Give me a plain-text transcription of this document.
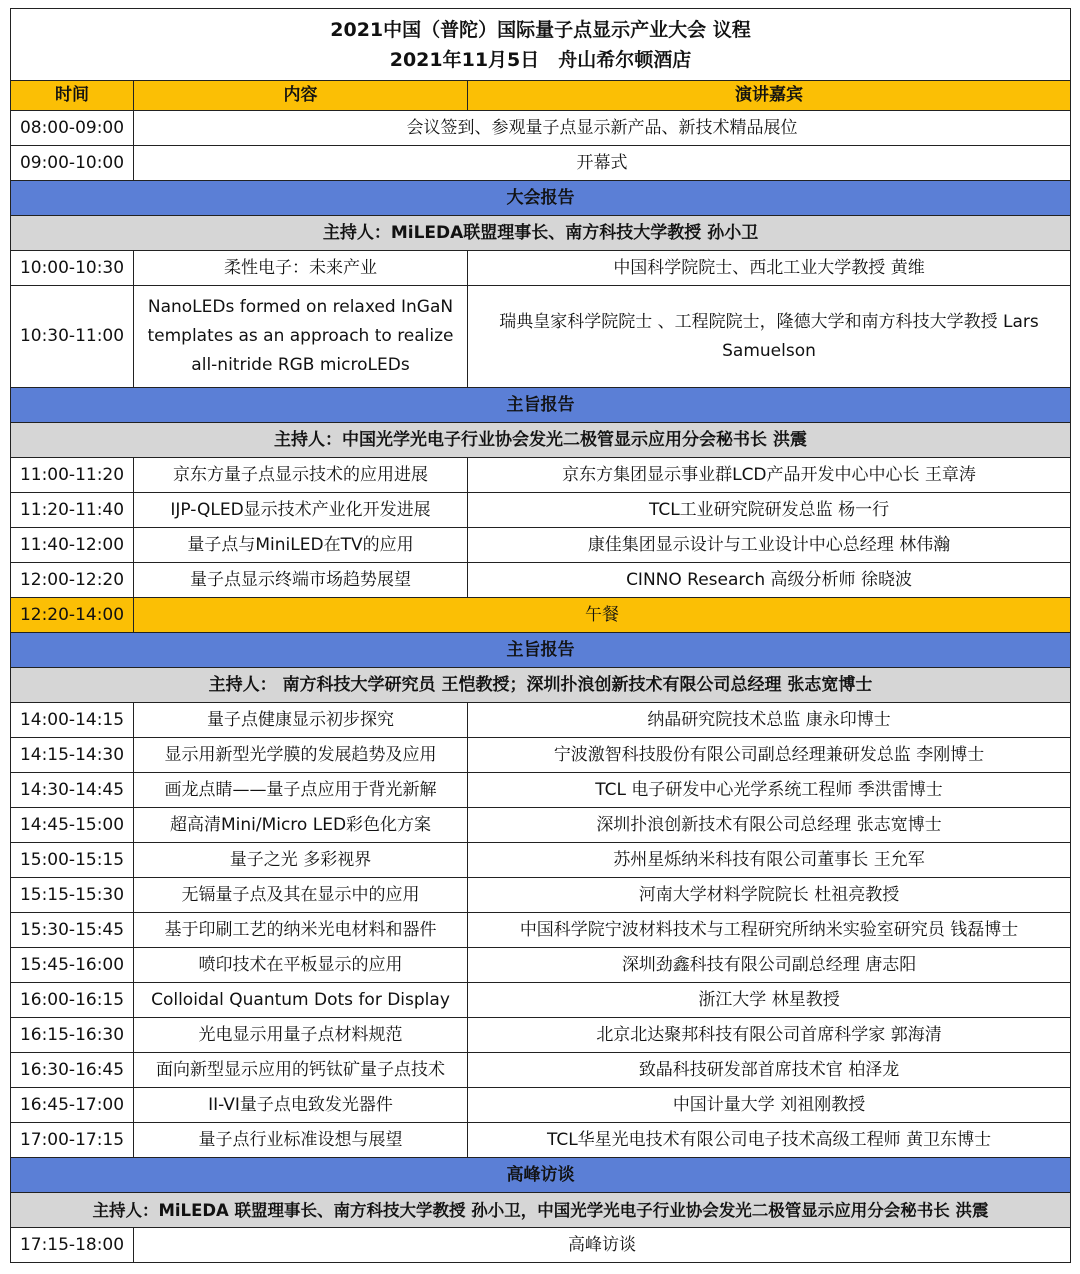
2021中国（普陀）国际量子点显示产业大会 议程
2021年11月5日　舟山希尔顿酒店		

时间	内容	演讲嘉宾
08:00-09:00	会议签到、参观量子点显示新产品、新技术精品展位	
09:00-10:00	开幕式	
大会报告		
主持人：MiLEDA联盟理事长、南方科技大学教授 孙小卫		
10:00-10:30	柔性电子：未来产业	中国科学院院士、西北工业大学教授 黄维
10:30-11:00	NanoLEDs formed on relaxed InGaN templates as an approach to realize all-nitride RGB microLEDs	瑞典皇家科学院院士 、工程院院士，隆德大学和南方科技大学教授 Lars Samuelson
主旨报告		
主持人：中国光学光电子行业协会发光二极管显示应用分会秘书长 洪震		
11:00-11:20	京东方量子点显示技术的应用进展	京东方集团显示事业群LCD产品开发中心中心长 王章涛
11:20-11:40	IJP-QLED显示技术产业化开发进展	TCL工业研究院研发总监 杨一行
11:40-12:00	量子点与MiniLED在TV的应用	康佳集团显示设计与工业设计中心总经理 林伟瀚
12:00-12:20	量子点显示终端市场趋势展望	CINNO Research 高级分析师 徐晓波
12:20-14:00	午餐	
主旨报告		
主持人： 南方科技大学研究员 王恺教授；深圳扑浪创新技术有限公司总经理 张志宽博士		
14:00-14:15	量子点健康显示初步探究	纳晶研究院技术总监 康永印博士
14:15-14:30	显示用新型光学膜的发展趋势及应用	宁波激智科技股份有限公司副总经理兼研发总监 李刚博士
14:30-14:45	画龙点睛——量子点应用于背光新解	TCL 电子研发中心光学系统工程师 季洪雷博士
14:45-15:00	超高清Mini/Micro LED彩色化方案	深圳扑浪创新技术有限公司总经理 张志宽博士
15:00-15:15	量子之光 多彩视界	苏州星烁纳米科技有限公司董事长 王允军
15:15-15:30	无镉量子点及其在显示中的应用	河南大学材料学院院长 杜祖亮教授
15:30-15:45	基于印刷工艺的纳米光电材料和器件	中国科学院宁波材料技术与工程研究所纳米实验室研究员 钱磊博士
15:45-16:00	喷印技术在平板显示的应用	深圳劲鑫科技有限公司副总经理 唐志阳
16:00-16:15	Colloidal Quantum Dots for Display	浙江大学 林星教授
16:15-16:30	光电显示用量子点材料规范	北京北达聚邦科技有限公司首席科学家 郭海清
16:30-16:45	面向新型显示应用的钙钛矿量子点技术	致晶科技研发部首席技术官 柏泽龙
16:45-17:00	II-VI量子点电致发光器件	中国计量大学 刘祖刚教授
17:00-17:15	量子点行业标准设想与展望	TCL华星光电技术有限公司电子技术高级工程师 黄卫东博士
高峰访谈		
主持人：MiLEDA 联盟理事长、南方科技大学教授 孙小卫，中国光学光电子行业协会发光二极管显示应用分会秘书长 洪震		
17:15-18:00	高峰访谈	
